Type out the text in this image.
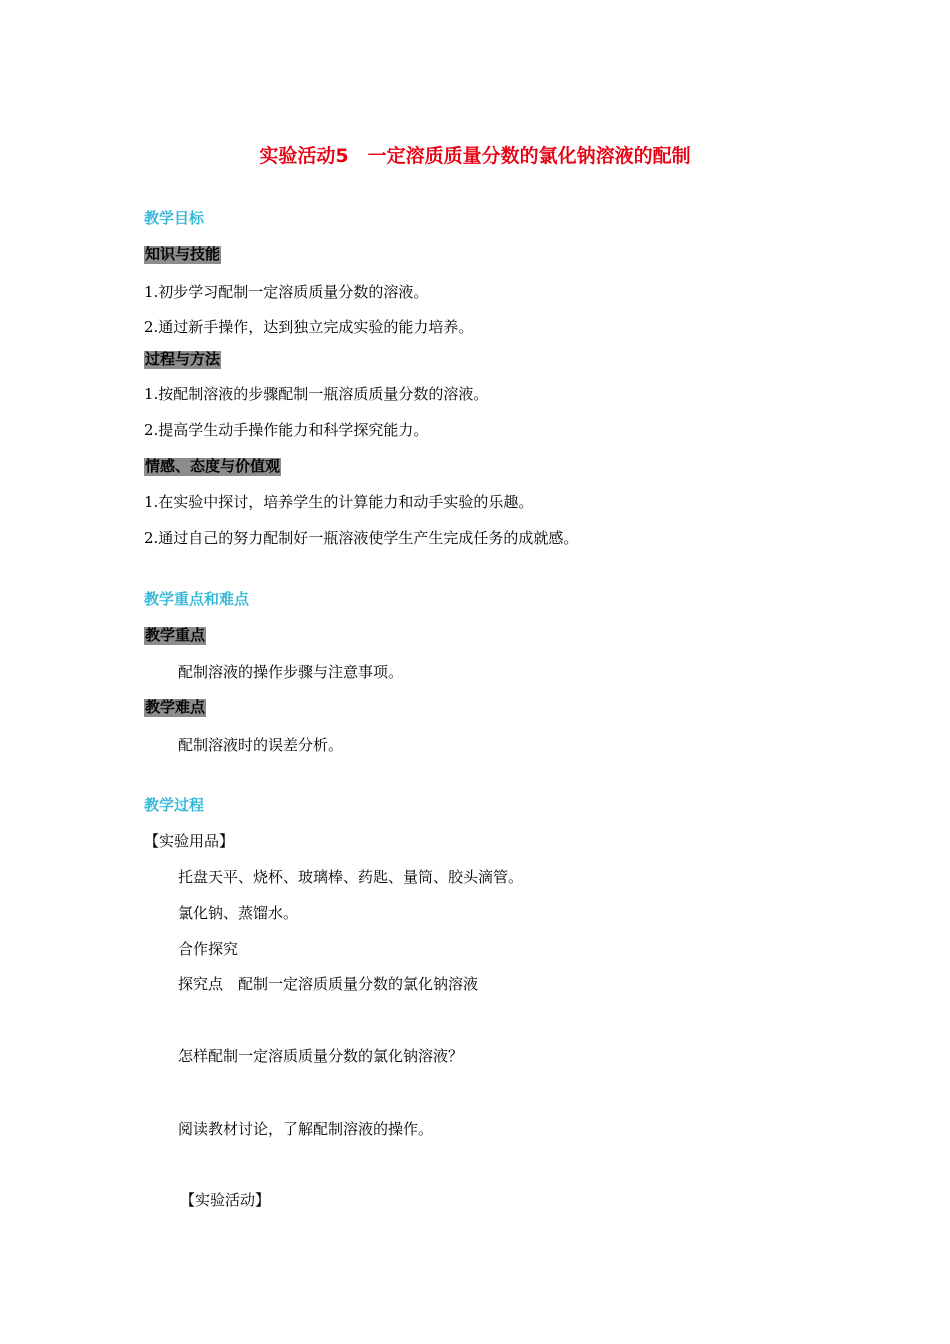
实验活动5　一定溶质质量分数的氯化钠溶液的配制
教学目标
知识与技能
1.初步学习配制一定溶质质量分数的溶液。
2.通过新手操作，达到独立完成实验的能力培养。
过程与方法
1.按配制溶液的步骤配制一瓶溶质质量分数的溶液。
2.提高学生动手操作能力和科学探究能力。
情感、态度与价值观
1.在实验中探讨，培养学生的计算能力和动手实验的乐趣。
2.通过自己的努力配制好一瓶溶液使学生产生完成任务的成就感。
教学重点和难点
教学重点
配制溶液的操作步骤与注意事项。
教学难点
配制溶液时的误差分析。
教学过程
【实验用品】
托盘天平、烧杯、玻璃棒、药匙、量筒、胶头滴管。
氯化钠、蒸馏水。
合作探究
探究点　配制一定溶质质量分数的氯化钠溶液
怎样配制一定溶质质量分数的氯化钠溶液？
阅读教材讨论，了解配制溶液的操作。
【实验活动】
